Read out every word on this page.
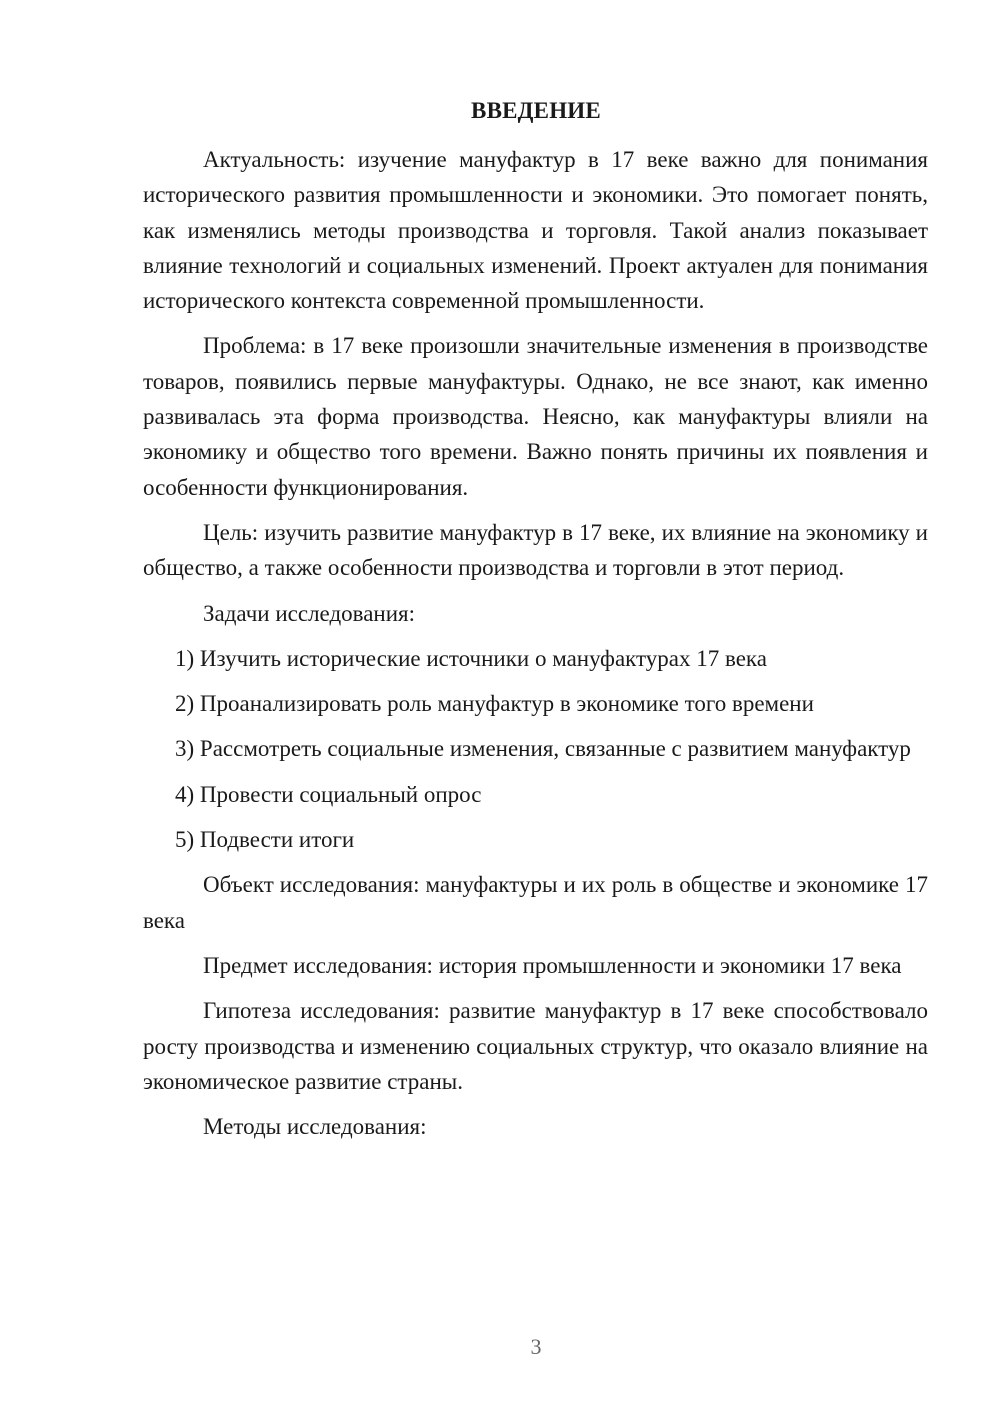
ВВЕДЕНИЕ

Актуальность: изучение мануфактур в 17 веке важно для понимания исторического развития промышленности и экономики. Это помогает понять, как изменялись методы производства и торговля. Такой анализ показывает влияние технологий и социальных изменений. Проект актуален для понимания исторического контекста современной промышленности.

Проблема: в 17 веке произошли значительные изменения в производстве товаров, появились первые мануфактуры. Однако, не все знают, как именно развивалась эта форма производства. Неясно, как мануфактуры влияли на экономику и общество того времени. Важно понять причины их появления и особенности функционирования.

Цель: изучить развитие мануфактур в 17 веке, их влияние на экономику и общество, а также особенности производства и торговли в этот период.

Задачи исследования:

1) Изучить исторические источники о мануфактурах 17 века

2) Проанализировать роль мануфактур в экономике того времени

3) Рассмотреть социальные изменения, связанные с развитием мануфактур

4) Провести социальный опрос

5) Подвести итоги

Объект исследования: мануфактуры и их роль в обществе и экономике 17 века

Предмет исследования: история промышленности и экономики 17 века

Гипотеза исследования: развитие мануфактур в 17 веке способствовало росту производства и изменению социальных структур, что оказало влияние на экономическое развитие страны.

Методы исследования:

3
